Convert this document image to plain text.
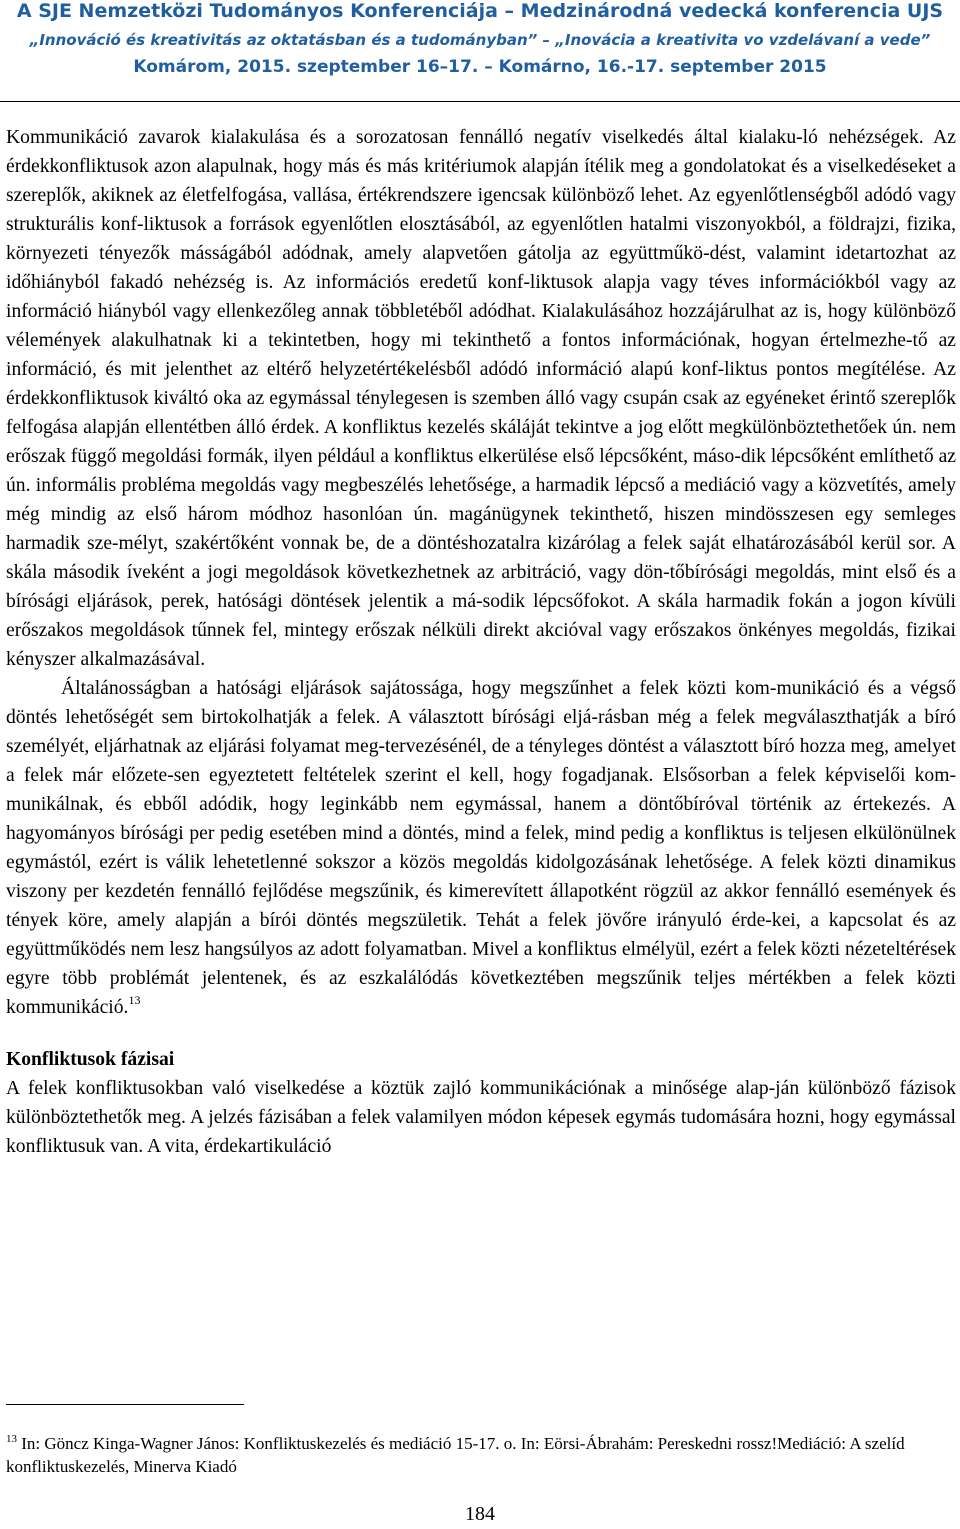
A SJE Nemzetközi Tudományos Konferenciája – Medzinárodná vedecká konferencia UJS
„Innováció és kreativitás az oktatásban és a tudományban” – „Inovácia a kreativita vo vzdelávaní a vede”
Komárom, 2015. szeptember 16–17. – Komárno, 16.-17. september 2015

Kommunikáció zavarok kialakulása és a sorozatosan fennálló negatív viselkedés által kialaku-ló nehézségek. Az érdekkonfliktusok azon alapulnak, hogy más és más kritériumok alapján ítélik meg a gondolatokat és a viselkedéseket a szereplők, akiknek az életfelfogása, vallása, értékrendszere igencsak különböző lehet. Az egyenlőtlenségből adódó vagy strukturális konf-liktusok a források egyenlőtlen elosztásából, az egyenlőtlen hatalmi viszonyokból, a földrajzi, fizika, környezeti tényezők másságából adódnak, amely alapvetően gátolja az együttműkö-dést, valamint idetartozhat az időhiányból fakadó nehézség is. Az információs eredetű konf-liktusok alapja vagy téves információkból vagy az információ hiányból vagy ellenkezőleg annak többletéből adódhat. Kialakulásához hozzájárulhat az is, hogy különböző vélemények alakulhatnak ki a tekintetben, hogy mi tekinthető a fontos információnak, hogyan értelmezhe-tő az információ, és mit jelenthet az eltérő helyzetértékelésből adódó információ alapú konf-liktus pontos megítélése. Az érdekkonfliktusok kiváltó oka az egymással ténylegesen is szemben álló vagy csupán csak az egyéneket érintő szereplők felfogása alapján ellentétben álló érdek. A konfliktus kezelés skáláját tekintve a jog előtt megkülönböztethetőek ún. nem erőszak függő megoldási formák, ilyen például a konfliktus elkerülése első lépcsőként, máso-dik lépcsőként említhető az ún. informális probléma megoldás vagy megbeszélés lehetősége, a harmadik lépcső a mediáció vagy a közvetítés, amely még mindig az első három módhoz hasonlóan ún. magánügynek tekinthető, hiszen mindösszesen egy semleges harmadik sze-mélyt, szakértőként vonnak be, de a döntéshozatalra kizárólag a felek saját elhatározásából kerül sor. A skála második íveként a jogi megoldások következhetnek az arbitráció, vagy dön-tőbírósági megoldás, mint első és a bírósági eljárások, perek, hatósági döntések jelentik a má-sodik lépcsőfokot. A skála harmadik fokán a jogon kívüli erőszakos megoldások tűnnek fel, mintegy erőszak nélküli direkt akcióval vagy erőszakos önkényes megoldás, fizikai kényszer alkalmazásával.

Általánosságban a hatósági eljárások sajátossága, hogy megszűnhet a felek közti kom-munikáció és a végső döntés lehetőségét sem birtokolhatják a felek. A választott bírósági eljá-rásban még a felek megválaszthatják a bíró személyét, eljárhatnak az eljárási folyamat meg-tervezésénél, de a tényleges döntést a választott bíró hozza meg, amelyet a felek már előzete-sen egyeztetett feltételek szerint el kell, hogy fogadjanak. Elsősorban a felek képviselői kom-munikálnak, és ebből adódik, hogy leginkább nem egymással, hanem a döntőbíróval történik az értekezés. A hagyományos bírósági per pedig esetében mind a döntés, mind a felek, mind pedig a konfliktus is teljesen elkülönülnek egymástól, ezért is válik lehetetlenné sokszor a közös megoldás kidolgozásának lehetősége. A felek közti dinamikus viszony per kezdetén fennálló fejlődése megszűnik, és kimerevített állapotként rögzül az akkor fennálló események és tények köre, amely alapján a bírói döntés megszületik. Tehát a felek jövőre irányuló érde-kei, a kapcsolat és az együttműködés nem lesz hangsúlyos az adott folyamatban. Mivel a konfliktus elmélyül, ezért a felek közti nézeteltérések egyre több problémát jelentenek, és az eszkalálódás következtében megszűnik teljes mértékben a felek közti kommunikáció.$^{13}$

Konfliktusok fázisai

A felek konfliktusokban való viselkedése a köztük zajló kommunikációnak a minősége alap-ján különböző fázisok különböztethetők meg. A jelzés fázisában a felek valamilyen módon képesek egymás tudomására hozni, hogy egymással konfliktusuk van. A vita, érdekartikuláció

$^{13}$ In: Göncz Kinga-Wagner János: Konfliktuskezelés és mediáció 15-17. o. In: Eörsi-Ábrahám: Pereskedni rossz!Mediáció: A szelíd konfliktuskezelés, Minerva Kiadó
184
